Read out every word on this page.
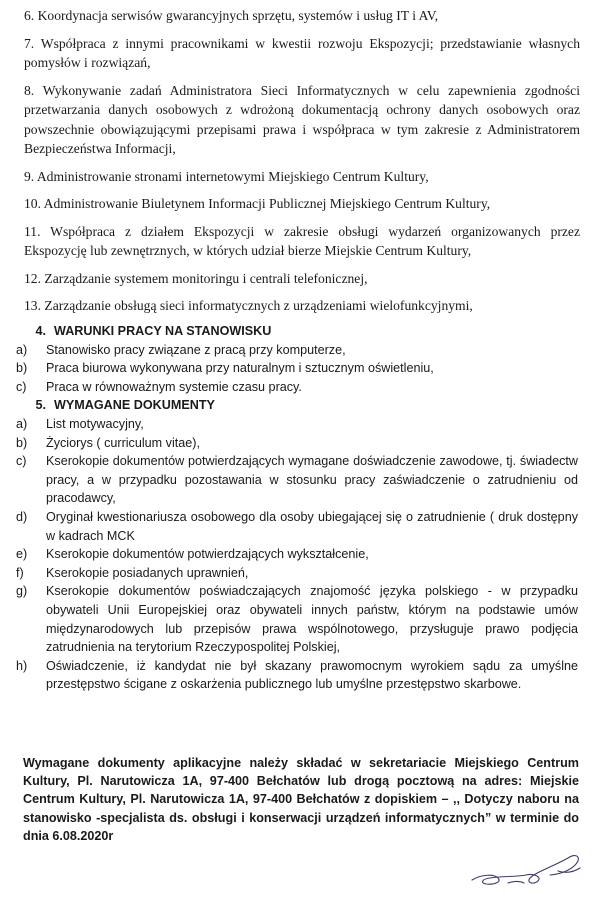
6. Koordynacja serwisów gwarancyjnych sprzętu, systemów i usług IT i AV,

7. Współpraca z innymi pracownikami w kwestii rozwoju Ekspozycji; przedstawianie własnych pomysłów i rozwiązań,

8. Wykonywanie zadań Administratora Sieci Informatycznych w celu zapewnienia zgodności przetwarzania danych osobowych z wdrożoną dokumentacją ochrony danych osobowych oraz powszechnie obowiązującymi przepisami prawa i współpraca w tym zakresie z Administratorem Bezpieczeństwa Informacji,

9. Administrowanie stronami internetowymi Miejskiego Centrum Kultury,

10. Administrowanie Biuletynem Informacji Publicznej Miejskiego Centrum Kultury,

11. Współpraca z działem Ekspozycji w zakresie obsługi wydarzeń organizowanych przez Ekspozycję lub zewnętrznych, w których udział bierze Miejskie Centrum Kultury,

12. Zarządzanie systemem monitoringu i centrali telefonicznej,

13. Zarządzanie obsługą sieci informatycznych z urządzeniami wielofunkcyjnymi,

4. WARUNKI PRACY NA STANOWISKU
a)	Stanowisko pracy związane z pracą przy komputerze,
b)	Praca biurowa wykonywana przy naturalnym i sztucznym oświetleniu,
c)	Praca w równoważnym systemie czasu pracy.
5. WYMAGANE DOKUMENTY
a)	List motywacyjny,
b)	Życiorys ( curriculum vitae),
c)	Kserokopie dokumentów potwierdzających wymagane doświadczenie zawodowe, tj. świadectw pracy, a w przypadku pozostawania w stosunku pracy zaświadczenie o zatrudnieniu od pracodawcy,
d)	Oryginał kwestionariusza osobowego dla osoby ubiegającej się o zatrudnienie ( druk dostępny w kadrach MCK
e)	Kserokopie dokumentów potwierdzających wykształcenie,
f)	Kserokopie posiadanych uprawnień,
g)	Kserokopie dokumentów poświadczających znajomość języka polskiego - w przypadku obywateli Unii Europejskiej oraz obywateli innych państw, którym na podstawie umów międzynarodowych lub przepisów prawa wspólnotowego, przysługuje prawo podjęcia zatrudnienia na terytorium Rzeczypospolitej Polskiej,
h)	Oświadczenie, iż kandydat nie był skazany prawomocnym wyrokiem sądu za umyślne przestępstwo ścigane z oskarżenia publicznego lub umyślne przestępstwo skarbowe.

Wymagane dokumenty aplikacyjne należy składać w sekretariacie Miejskiego Centrum Kultury, Pl. Narutowicza 1A, 97-400 Bełchatów lub drogą pocztową na adres: Miejskie Centrum Kultury, Pl. Narutowicza 1A, 97-400 Bełchatów z dopiskiem – ,, Dotyczy naboru na stanowisko -specjalista ds. obsługi i konserwacji urządzeń informatycznych” w terminie do dnia 6.08.2020r
